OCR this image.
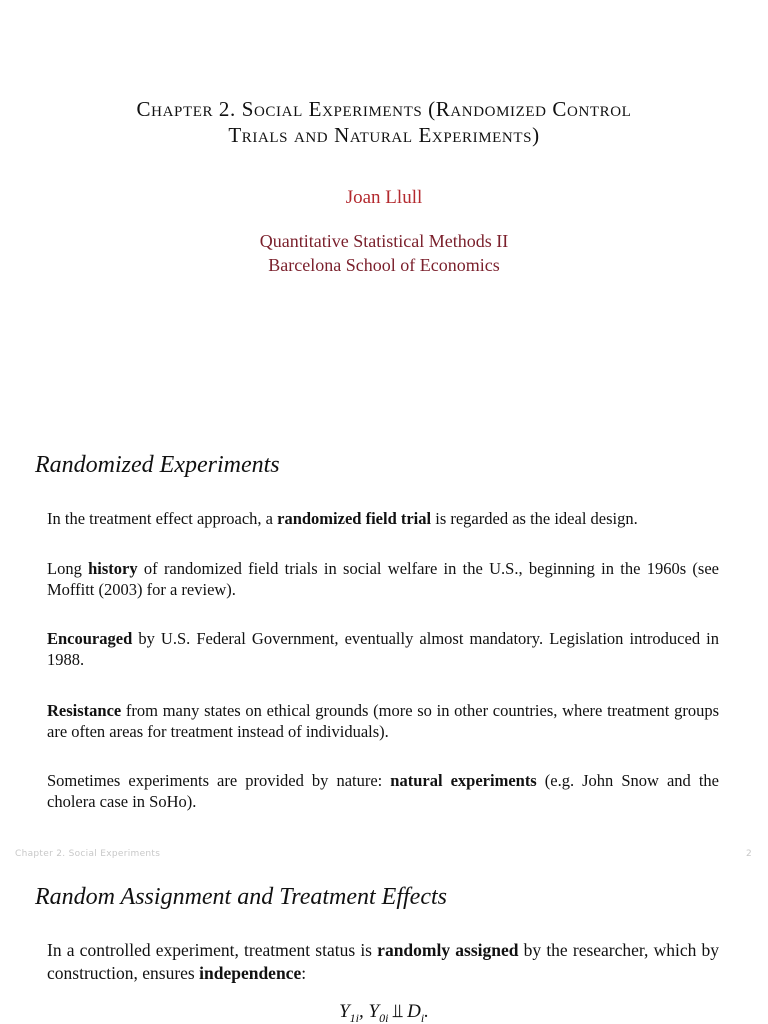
Chapter 2. Social Experiments (Randomized Control
Trials and Natural Experiments)
Joan Llull
Quantitative Statistical Methods II
Barcelona School of Economics
Randomized Experiments
In the treatment effect approach, a randomized field trial is regarded as the ideal design.
Long history of randomized field trials in social welfare in the U.S., beginning in the 1960s (see Moffitt (2003) for a review).
Encouraged by U.S. Federal Government, eventually almost mandatory. Legislation introduced in 1988.
Resistance from many states on ethical grounds (more so in other countries, where treatment groups are often areas for treatment instead of individuals).
Sometimes experiments are provided by nature: natural experiments (e.g. John Snow and the cholera case in SoHo).
Chapter 2. Social Experiments	2
Random Assignment and Treatment Effects
In a controlled experiment, treatment status is randomly assigned by the researcher, which by construction, ensures independence:
$Y_{1i}$, $Y_{0i}$ ⫫ $D_i$.
